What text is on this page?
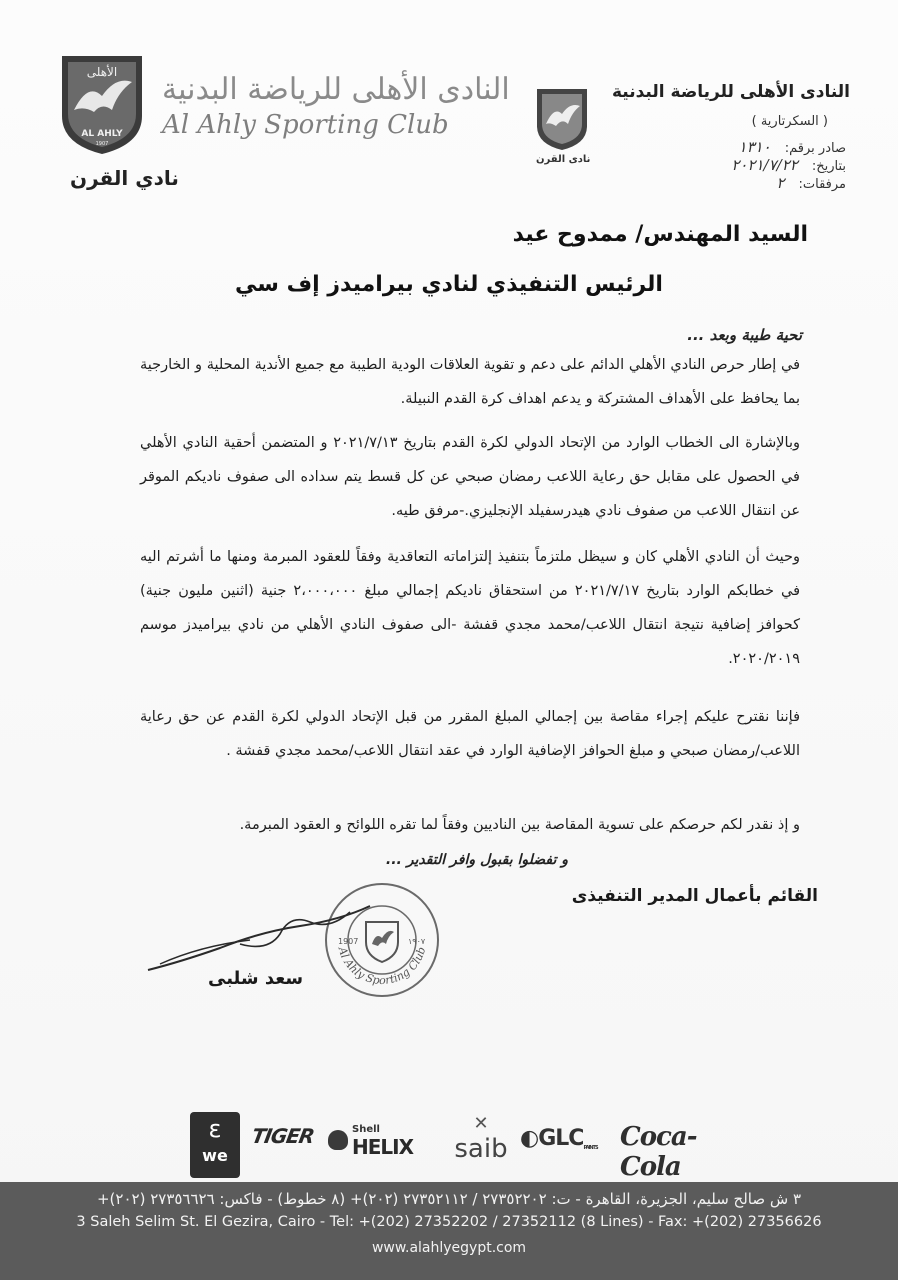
الأهلى
AL AHLY
1907
النادى الأهلى للرياضة البدنية
Al Ahly Sporting Club
نادي القرن
نادى القرن
النادى الأهلى للرياضة البدنية
( السكرتارية )
صادر برقم:١٣١٠
بتاريخ:٢٠٢١/٧/٢٢
مرفقات:٢
السيد المهندس/ ممدوح عيد
الرئيس التنفيذي لنادي بيراميدز إف سي
تحية طيبة وبعد ...
في إطار حرص النادي الأهلي الدائم على دعم و تقوية العلاقات الودية الطيبة مع جميع الأندية المحلية و الخارجية بما يحافظ على الأهداف المشتركة و يدعم اهداف كرة القدم النبيلة.
وبالإشارة الى الخطاب الوارد من الإتحاد الدولي لكرة القدم بتاريخ ٢٠٢١/٧/١٣ و المتضمن أحقية النادي الأهلي في الحصول على مقابل حق رعاية اللاعب رمضان صبحي عن كل قسط يتم سداده الى صفوف ناديكم الموقر عن انتقال اللاعب من صفوف نادي هيدرسفيلد الإنجليزي.-مرفق طيه.
وحيث أن النادي الأهلي كان و سيظل ملتزماً بتنفيذ إلتزاماته التعاقدية وفقاً للعقود المبرمة ومنها ما أشرتم اليه في خطابكم الوارد بتاريخ ٢٠٢١/٧/١٧ من استحقاق ناديكم إجمالي مبلغ ٢،٠٠٠،٠٠٠ جنية (اثنين مليون جنية) كحوافز إضافية نتيجة انتقال اللاعب/محمد مجدي قفشة -الى صفوف النادي الأهلي من نادي بيراميدز موسم ٢٠٢٠/٢٠١٩.
فإننا نقترح عليكم إجراء مقاصة بين إجمالي المبلغ المقرر من قبل الإتحاد الدولي لكرة القدم عن حق رعاية اللاعب/رمضان صبحي و مبلغ الحوافز الإضافية الوارد في عقد انتقال اللاعب/محمد مجدي قفشة .
و إذ نقدر لكم حرصكم على تسوية المقاصة بين الناديين وفقاً لما تقره اللوائح و العقود المبرمة.
و تفضلوا بقبول وافر التقدير ...
Al Ahly Sporting Club
1907	١٩٠٧
القائم بأعمال المدير التنفيذى
سعد شلبى
ε
we
TIGER	Shell
HELIX
✕
saib ◐GLCPAINTS Coca-Cola
٣ ش صالح سليم، الجزيرة، القاهرة - ت: ٢٧٣٥٢٢٠٢ / ٢٧٣٥٢١١٢ (٢٠٢)+ (٨ خطوط) - فاكس: ٢٧٣٥٦٦٢٦ (٢٠٢)+
3 Saleh Selim St. El Gezira, Cairo - Tel: +(202) 27352202 / 27352112 (8 Lines) - Fax: +(202) 27356626
www.alahlyegypt.com
